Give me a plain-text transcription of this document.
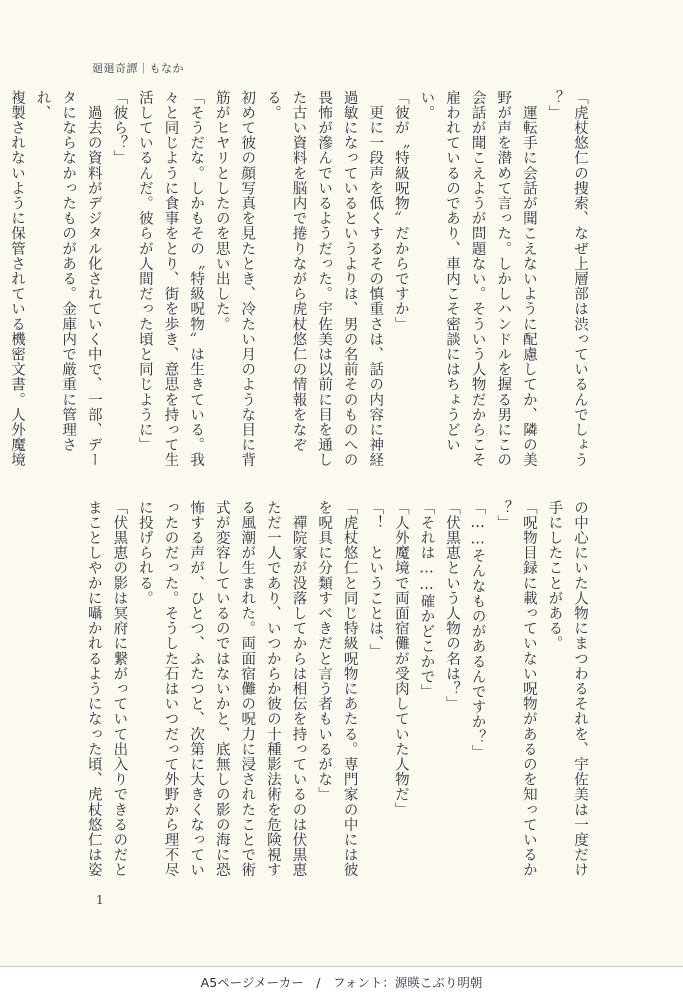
廻廻奇譚｜もなか

「虎杖悠仁の捜索、なぜ上層部は渋っているんでしょう

？」

　運転手に会話が聞こえないように配慮してか、隣の美

野が声を潜めて言った。しかしハンドルを握る男にこの

会話が聞こえようが問題ない。そういう人物だからこそ

雇われているのであり、車内こそ密談にはちょうどいい。

「彼が〝特級呪物〟だからですか」

　更に一段声を低くするその慎重さは、話の内容に神経

過敏になっているというよりは、男の名前そのものへの

畏怖が滲んでいるようだった。宇佐美は以前に目を通し

た古い資料を脳内で捲りながら虎杖悠仁の情報をなぞる。

初めて彼の顔写真を見たとき、冷たい月のような目に背

筋がヒヤリとしたのを思い出した。

「そうだな。しかもその〝特級呪物〟は生きている。我

々と同じように食事をとり、街を歩き、意思を持って生

活しているんだ。彼らが人間だった頃と同じように」

「彼ら？」

　過去の資料がデジタル化されていく中で、一部、デー

タにならなかったものがある。金庫内で厳重に管理され、

複製されないように保管されている機密文書。人外魔境

の中心にいた人物にまつわるそれを、宇佐美は一度だけ

手にしたことがある。

「呪物目録に載っていない呪物があるのを知っているか

？」

「……そんなものがあるんですか？」

「伏黒恵という人物の名は？」

「それは……確かどこかで」

「人外魔境で両面宿儺が受肉していた人物だ」

「！　ということは、」

「虎杖悠仁と同じ特級呪物にあたる。専門家の中には彼

を呪具に分類すべきだと言う者もいるがな」

　禪院家が没落してからは相伝を持っているのは伏黒恵

ただ一人であり、いつからか彼の十種影法術を危険視す

る風潮が生まれた。両面宿儺の呪力に浸されたことで術

式が変容しているのではないかと、底無しの影の海に恐

怖する声が、ひとつ、ふたつと、次第に大きくなってい

ったのだった。そうした石はいつだって外野から理不尽

に投げられる。

「伏黒恵の影は冥府に繋がっていて出入りできるのだと

まことしやかに囁かれるようになった頃、虎杖悠仁は姿

1
A5ページメーカー　/　フォント：源暎こぶり明朝
